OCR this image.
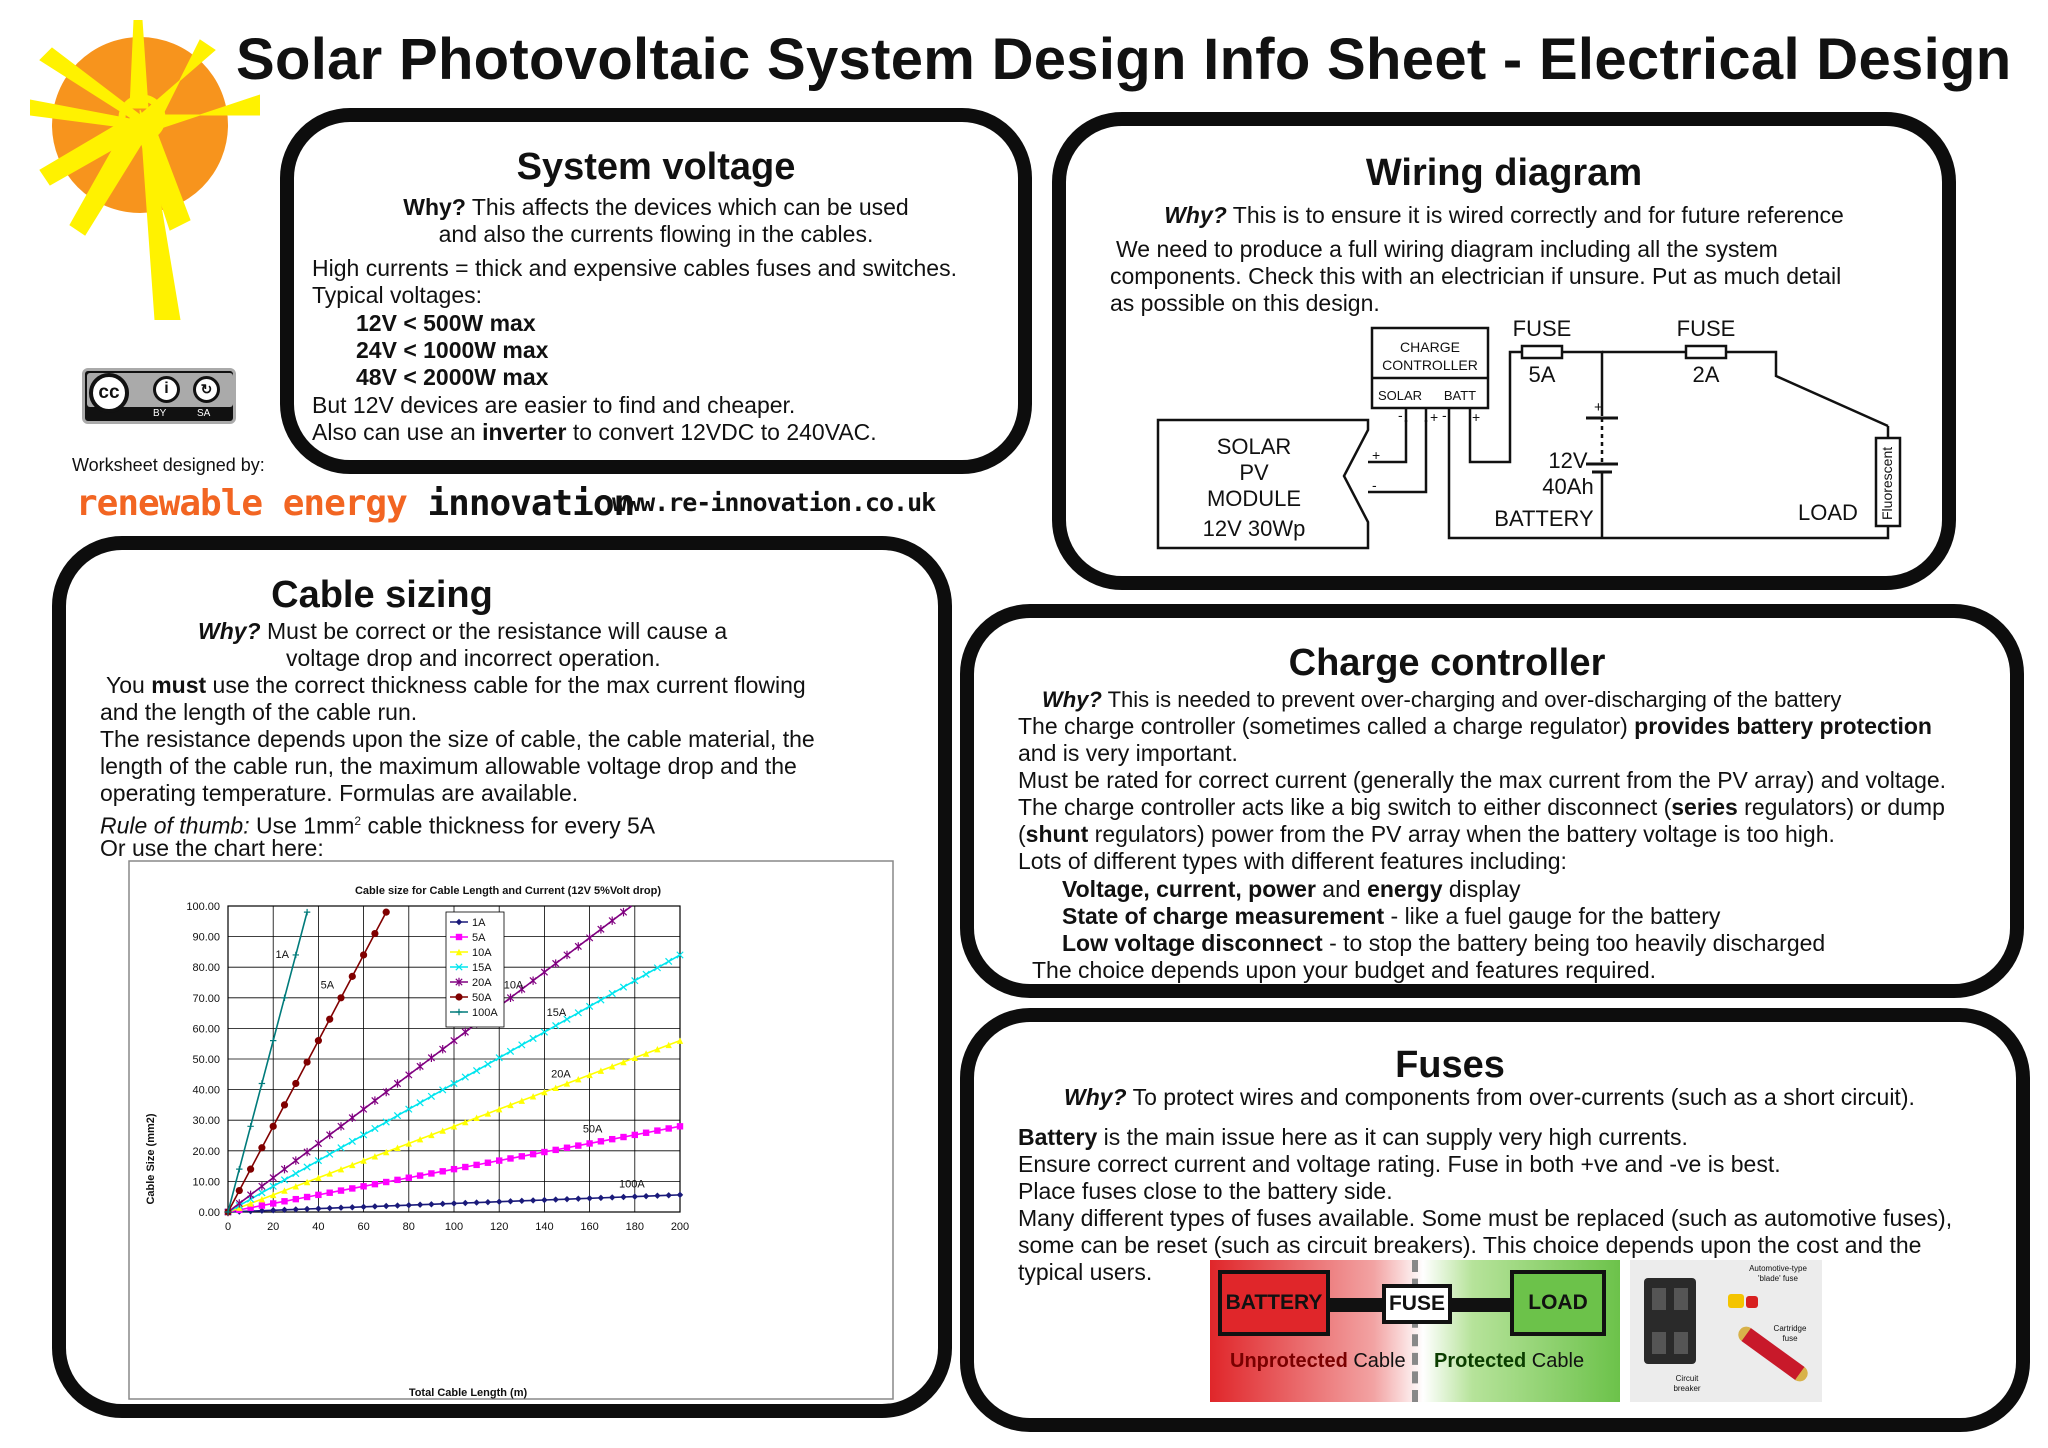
Solar Photovoltaic System Design Info Sheet - Electrical Design
cc	i	↻
BY	SA
Worksheet designed by:
renewable energy innovation
www.re-innovation.co.uk
System voltage
Why? This affects the devices which can be used
and also the currents flowing in the cables.
High currents = thick and expensive cables fuses and switches.
Typical voltages:
12V < 500W max
24V < 1000W max
48V < 2000W max
But 12V devices are easier to find and cheaper.
Also can use an inverter to convert 12VDC to 240VAC.
Wiring diagram
Why? This is to ensure it is wired correctly and for future reference
We need to produce a full wiring diagram including all the system
components. Check this with an electrician if unsure. Put as much detail
as possible on this design.
CHARGE
CONTROLLER
SOLAR BATT
- + - +
+
-
FUSE
5A
FUSE
2A
SOLAR
PV
MODULE
12V 30Wp
+
12V
40Ah
BATTERY	LOAD Fluorescent
Cable sizing
Why? Must be correct or the resistance will cause a
voltage drop and incorrect operation.
You must use the correct thickness cable for the max current flowing
and the length of the cable run.
The resistance depends upon the size of cable, the cable material, the
length of the cable run, the maximum allowable voltage drop and the
operating temperature. Formulas are available.
Rule of thumb: Use $1mm^2$ cable thickness for every 5A
Or use the chart here:
Cable size for Cable Length and Current (12V 5%Volt drop)
Total Cable Length (m)
Cable Size (mm2)
0	20	40	60	80	100 120 140 160 180 200
0.00
10.00
20.00
30.00
40.00
50.00
60.00
70.00
80.00
90.00
100.00
1A
5A
10A
15A
20A
50A
100A
1A
5A	10A
15A
20A
50A
100A
Charge controller
Why? This is needed to prevent over-charging and over-discharging of the battery
The charge controller (sometimes called a charge regulator) provides battery protection
and is very important.
Must be rated for correct current (generally the max current from the PV array) and voltage.
The charge controller acts like a big switch to either disconnect (series regulators) or dump
(shunt regulators) power from the PV array when the battery voltage is too high.
Lots of different types with different features including:
Voltage, current, power and energy display
State of charge measurement - like a fuel gauge for the battery
Low voltage disconnect - to stop the battery being too heavily discharged
The choice depends upon your budget and features required.
Fuses
Why? To protect wires and components from over-currents (such as a short circuit).
Battery is the main issue here as it can supply very high currents.
Ensure correct current and voltage rating. Fuse in both +ve and -ve is best.
Place fuses close to the battery side.
Many different types of fuses available. Some must be replaced (such as automotive fuses),
some can be reset (such as circuit breakers). This choice depends upon the cost and the
typical users.
BATTERY	FUSE	LOAD
Unprotected Cable Protected Cable
Automotive-type
'blade' fuse
Cartridge
fuse
Circuit
breaker
